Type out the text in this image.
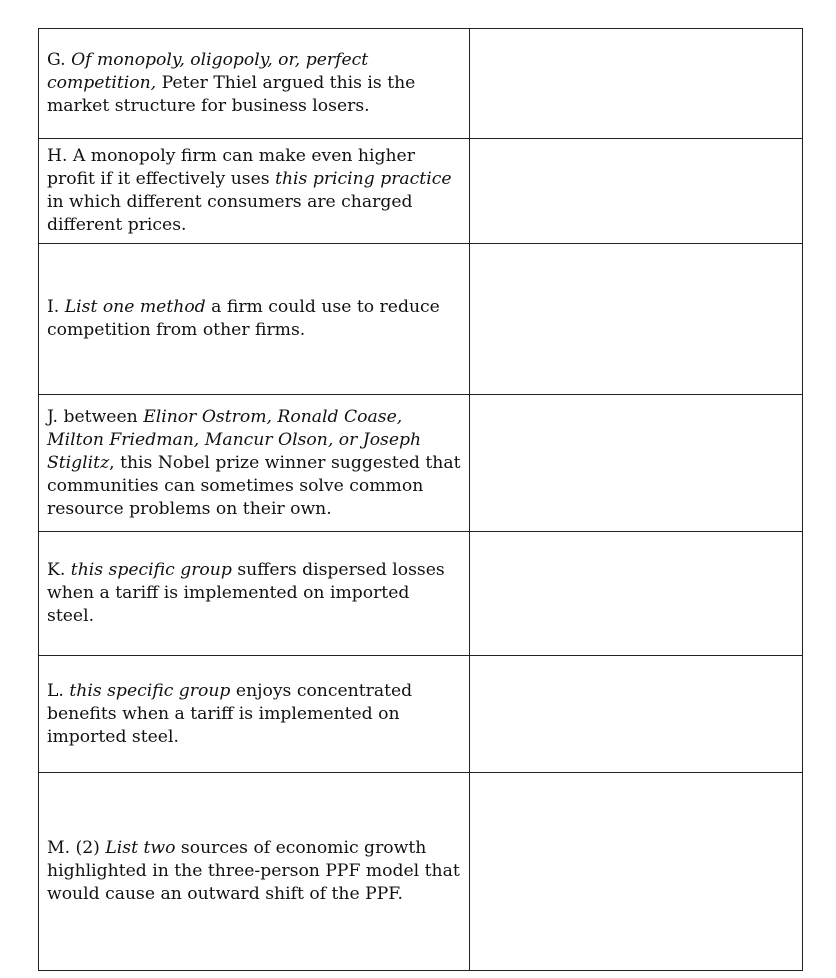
G. Of monopoly, oligopoly, or, perfect competition, Peter Thiel argued this is the market structure for business losers.	

H. A monopoly firm can make even higher profit if it effectively uses this pricing practice in which different consumers are charged different prices.	

I. List one method a firm could use to reduce competition from other firms.	

J. between Elinor Ostrom, Ronald Coase, Milton Friedman, Mancur Olson, or Joseph Stiglitz, this Nobel prize winner suggested that communities can sometimes solve common resource problems on their own.	

K. this specific group suffers dispersed losses when a tariff is implemented on imported steel.	

L. this specific group enjoys concentrated benefits when a tariff is implemented on imported steel.	

M. (2) List two sources of economic growth highlighted in the three-person PPF model that would cause an outward shift of the PPF.	
